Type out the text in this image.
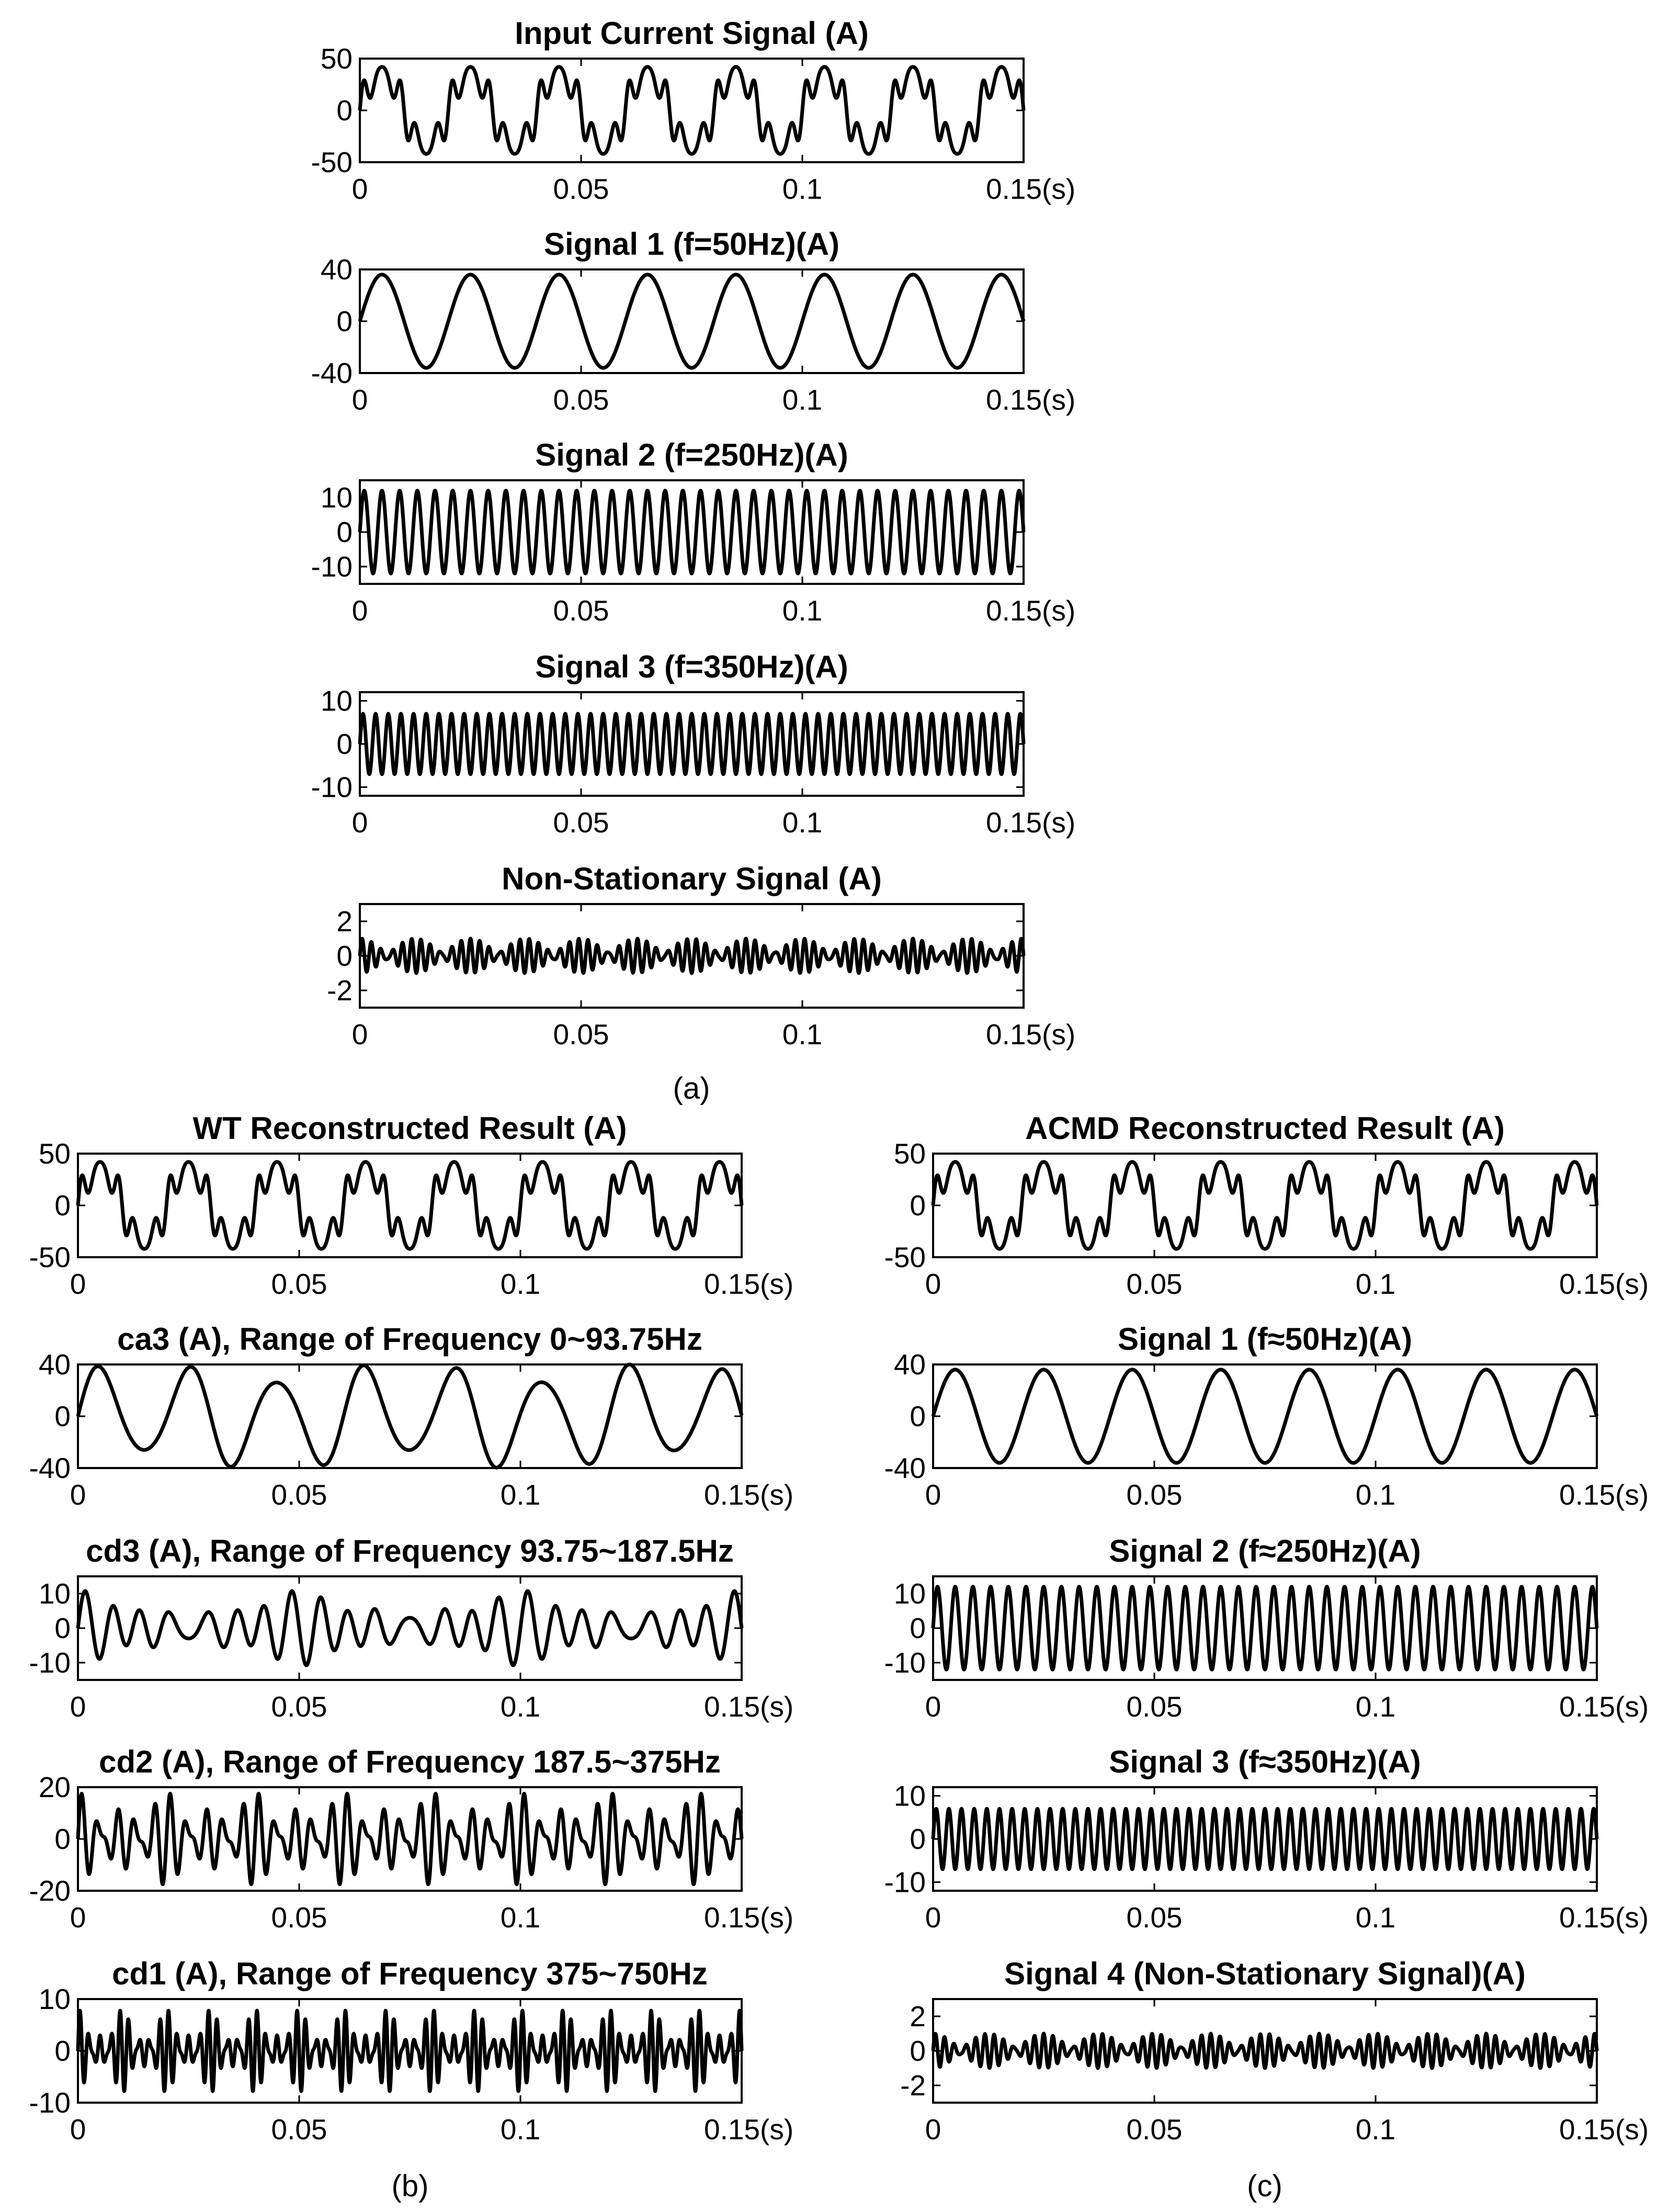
Input Current Signal (A)
0	0.05	0.1	0.15(s)
50
0
-50
Signal 1 (f=50Hz)(A)
0	0.05	0.1	0.15(s)
40
0
-40
Signal 2 (f=250Hz)(A)
0	0.05	0.1	0.15(s)
10
0
-10
Signal 3 (f=350Hz)(A)
0	0.05	0.1	0.15(s)
10
0
-10
Non-Stationary Signal (A)
0	0.05	0.1	0.15(s)
2
0
-2
WT Reconstructed Result (A)
0	0.05	0.1	0.15(s)
50
0
-50
ca3 (A), Range of Frequency 0~93.75Hz
0	0.05	0.1	0.15(s)
40
0
-40
cd3 (A), Range of Frequency 93.75~187.5Hz
0	0.05	0.1	0.15(s)
10
0
-10
cd2 (A), Range of Frequency 187.5~375Hz
0	0.05	0.1	0.15(s)
20
0
-20
cd1 (A), Range of Frequency 375~750Hz
0	0.05	0.1	0.15(s)
10
0
-10
ACMD Reconstructed Result (A)
0	0.05	0.1	0.15(s)
50
0
-50
Signal 1 (f≈50Hz)(A)
0	0.05	0.1	0.15(s)
40
0
-40
Signal 2 (f≈250Hz)(A)
0	0.05	0.1	0.15(s)
10
0
-10
Signal 3 (f≈350Hz)(A)
0	0.05	0.1	0.15(s)
10
0
-10
Signal 4 (Non-Stationary Signal)(A)
0	0.05	0.1	0.15(s)
2
0
-2
(a)
(b)	(c)
